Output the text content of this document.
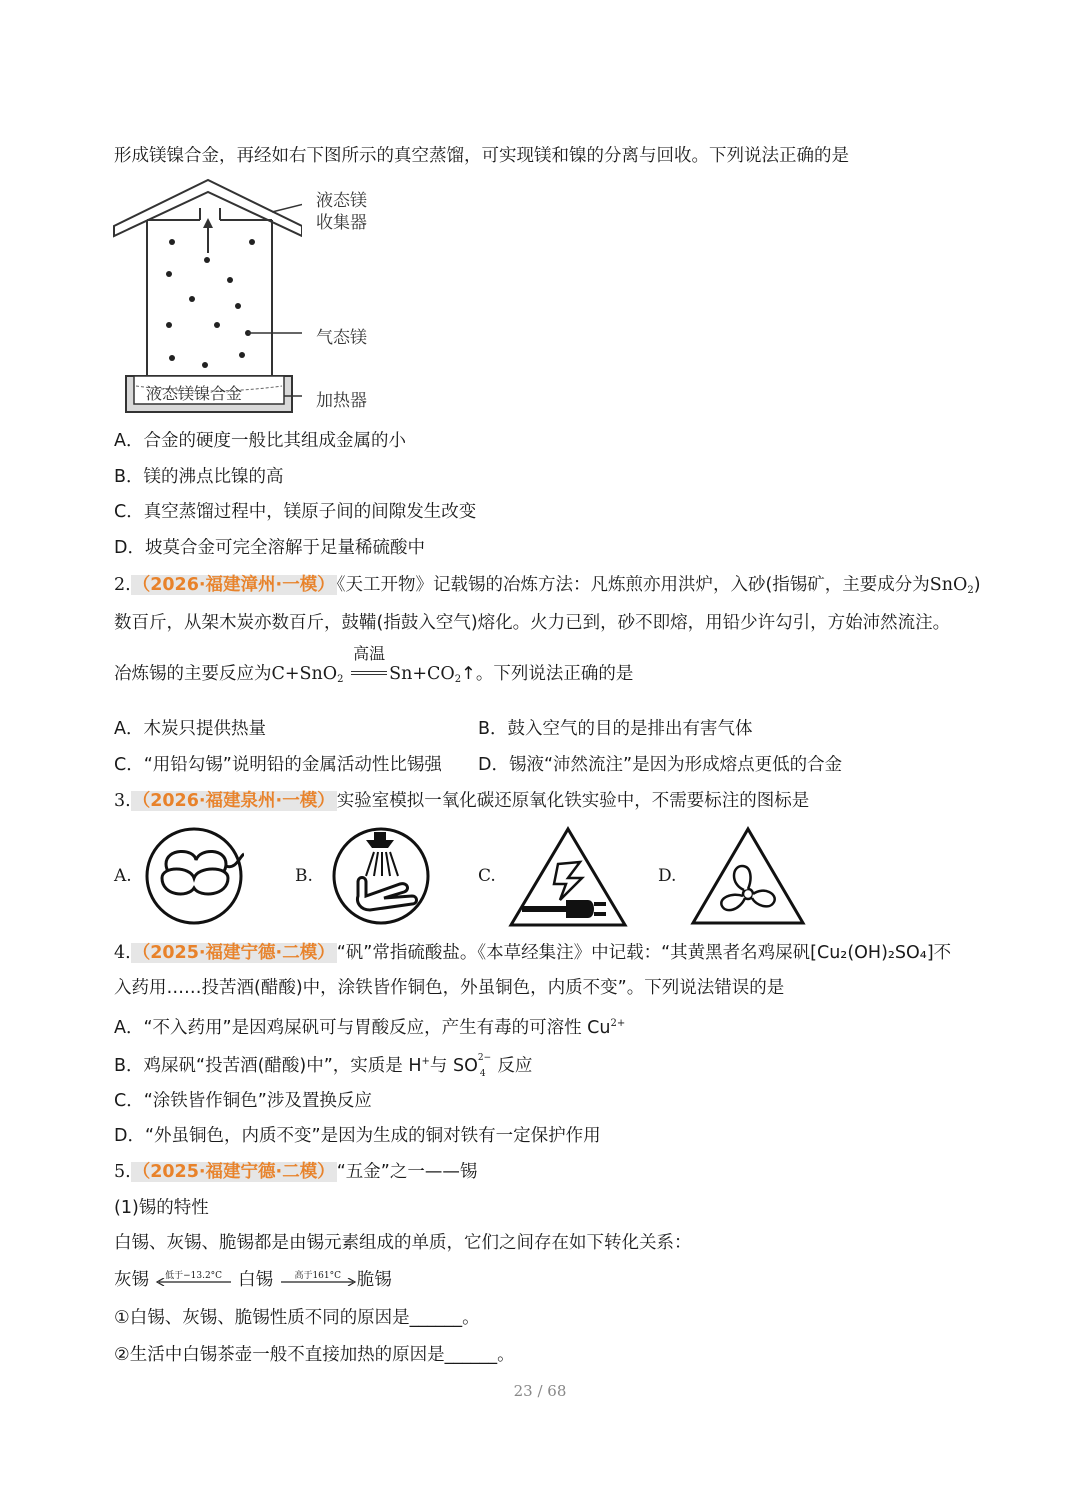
形成镁镍合金，再经如右下图所示的真空蒸馏，可实现镁和镍的分离与回收。下列说法正确的是
液态镁
收集器
气态镁
液态镁镍合金	加热器
A．合金的硬度一般比其组成金属的小
B．镁的沸点比镍的高
C．真空蒸馏过程中，镁原子间的间隙发生改变
D．坡莫合金可完全溶解于足量稀硫酸中
2. （2026·福建漳州·一模） 《天工开物》记载锡的冶炼方法：凡炼煎亦用洪炉，入砂(指锡矿，主要成分为SnO$_2$)
数百斤，从架木炭亦数百斤，鼓鞴(指鼓入空气)熔化。火力已到，砂不即熔，用铅少许勾引，方始沛然流注。
冶炼锡的主要反应为C+SnO$_2$
高温
$Sn+CO_2↑$。下列说法正确的是
A．木炭只提供热量	B．鼓入空气的目的是排出有害气体
C．“用铅勾锡”说明铅的金属活动性比锡强 D．锡液“沛然流注”是因为形成熔点更低的合金
3. （2026·福建泉州·一模） 实验室模拟一氧化碳还原氧化铁实验中，不需要标注的图标是
A.	B.	C.	D.
4. （2025·福建宁德·二模） “矾”常指硫酸盐。《本草经集注》中记载：“其黄黑者名鸡屎矾[Cu₂(OH)₂SO₄]不
入药用……投苦酒(醋酸)中，涂铁皆作铜色，外虽铜色，内质不变”。下列说法错误的是
A．“不入药用”是因鸡屎矾可与胃酸反应，产生有毒的可溶性 $Cu^{2+}$
B．鸡屎矾“投苦酒(醋酸)中”，实质是 H+与 SO 2−
4 反应
C．“涂铁皆作铜色”涉及置换反应
D．“外虽铜色，内质不变”是因为生成的铜对铁有一定保护作用
5. （2025·福建宁德·二模） “五金”之一——锡
(1)锡的特性
白锡、灰锡、脆锡都是由锡元素组成的单质，它们之间存在如下转化关系：
灰锡	低于−13.2°C 白锡	高于161°C 脆锡
①白锡、灰锡、脆锡性质不同的原因是______。
②生活中白锡茶壶一般不直接加热的原因是______。
23 / 68
